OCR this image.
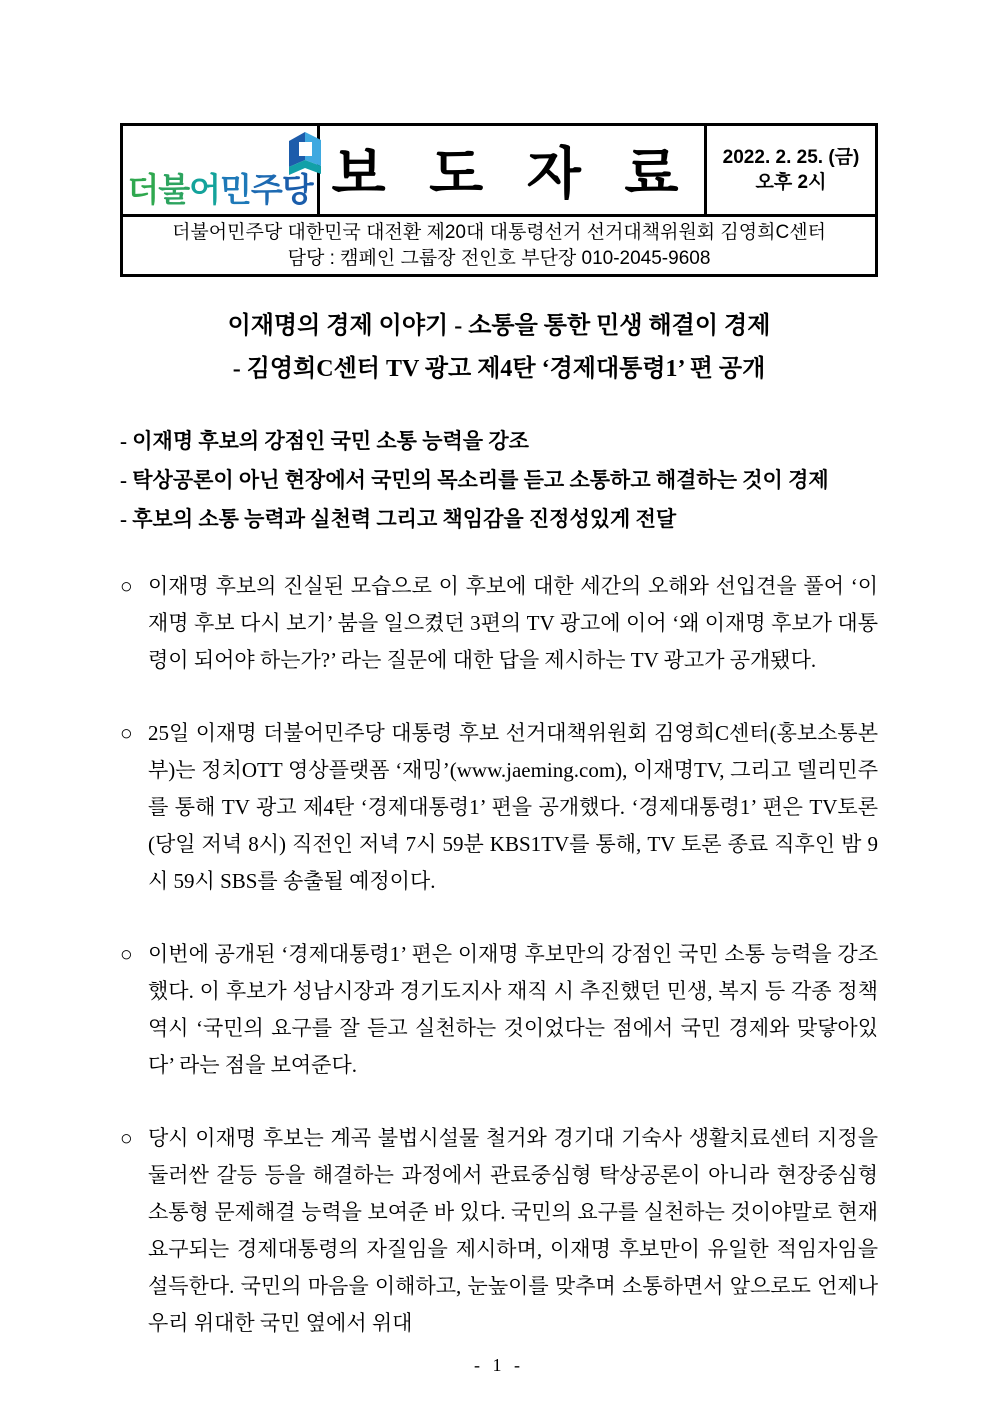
더불어민주당 보 도 자 료	2022. 2. 25. (금)
오후 2시
더불어민주당 대한민국 대전환 제20대 대통령선거 선거대책위원회 김영희C센터
담당 : 캠페인 그룹장 전인호 부단장 010-2045-9608
이재명의 경제 이야기 - 소통을 통한 민생 해결이 경제
- 김영희C센터 TV 광고 제4탄 ‘경제대통령1’ 편 공개
- 이재명 후보의 강점인 국민 소통 능력을 강조
- 탁상공론이 아닌 현장에서 국민의 목소리를 듣고 소통하고 해결하는 것이 경제
- 후보의 소통 능력과 실천력 그리고 책임감을 진정성있게 전달
○ 이재명 후보의 진실된 모습으로 이 후보에 대한 세간의 오해와 선입견을 풀어 ‘이재명 후보 다시 보기’ 붐을 일으켰던 3편의 TV 광고에 이어 ‘왜 이재명 후보가 대통령이 되어야 하는가?’ 라는 질문에 대한 답을 제시하는 TV 광고가 공개됐다.
○ 25일 이재명 더불어민주당 대통령 후보 선거대책위원회 김영희C센터(홍보소통본부)는 정치OTT 영상플랫폼 ‘재밍’(www.jaeming.com), 이재명TV, 그리고 델리민주를 통해 TV 광고 제4탄 ‘경제대통령1’ 편을 공개했다. ‘경제대통령1’ 편은 TV토론(당일 저녁 8시) 직전인 저녁 7시 59분 KBS1TV를 통해, TV 토론 종료 직후인 밤 9시 59시 SBS를 송출될 예정이다.
○ 이번에 공개된 ‘경제대통령1’ 편은 이재명 후보만의 강점인 국민 소통 능력을 강조했다. 이 후보가 성남시장과 경기도지사 재직 시 추진했던 민생, 복지 등 각종 정책 역시 ‘국민의 요구를 잘 듣고 실천하는 것이었다는 점에서 국민 경제와 맞닿아있다’ 라는 점을 보여준다.
○ 당시 이재명 후보는 계곡 불법시설물 철거와 경기대 기숙사 생활치료센터 지정을 둘러싼 갈등 등을 해결하는 과정에서 관료중심형 탁상공론이 아니라 현장중심형 소통형 문제해결 능력을 보여준 바 있다. 국민의 요구를 실천하는 것이야말로 현재 요구되는 경제대통령의 자질임을 제시하며, 이재명 후보만이 유일한 적임자임을 설득한다. 국민의 마음을 이해하고, 눈높이를 맞추며 소통하면서 앞으로도 언제나 우리 위대한 국민 옆에서 위대
- 1 -
